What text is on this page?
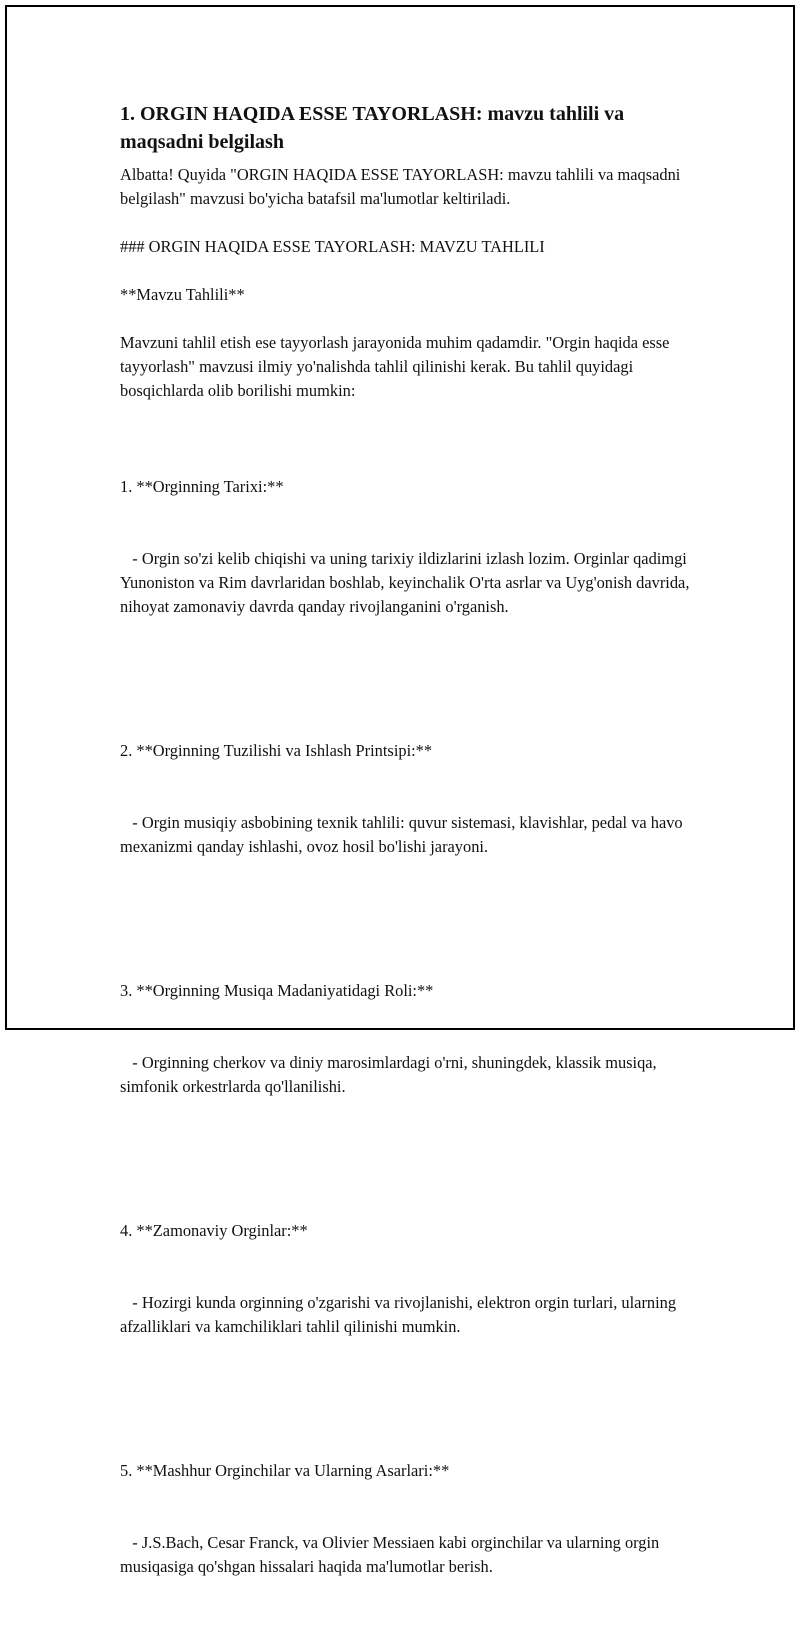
1. ORGIN HAQIDA ESSE TAYORLASH: mavzu tahlili va maqsadni belgilash
Albatta! Quyida "ORGIN HAQIDA ESSE TAYORLASH: mavzu tahlili va maqsadni belgilash" mavzusi bo'yicha batafsil ma'lumotlar keltiriladi.
### ORGIN HAQIDA ESSE TAYORLASH: MAVZU TAHLILI
**Mavzu Tahlili**
Mavzuni tahlil etish ese tayyorlash jarayonida muhim qadamdir. "Orgin haqida esse tayyorlash" mavzusi ilmiy yo'nalishda tahlil qilinishi kerak. Bu tahlil quyidagi bosqichlarda olib borilishi mumkin:

1. **Orginning Tarixi:**

- Orgin so'zi kelib chiqishi va uning tarixiy ildizlarini izlash lozim. Orginlar qadimgi Yunoniston va Rim davrlaridan boshlab, keyinchalik O'rta asrlar va Uyg'onish davrida, nihoyat zamonaviy davrda qanday rivojlanganini o'rganish.

2. **Orginning Tuzilishi va Ishlash Printsipi:**

- Orgin musiqiy asbobining texnik tahlili: quvur sistemasi, klavishlar, pedal va havo mexanizmi qanday ishlashi, ovoz hosil bo'lishi jarayoni.

3. **Orginning Musiqa Madaniyatidagi Roli:**

- Orginning cherkov va diniy marosimlardagi o'rni, shuningdek, klassik musiqa, simfonik orkestrlarda qo'llanilishi.

4. **Zamonaviy Orginlar:**

- Hozirgi kunda orginning o'zgarishi va rivojlanishi, elektron orgin turlari, ularning afzalliklari va kamchiliklari tahlil qilinishi mumkin.

5. **Mashhur Orginchilar va Ularning Asarlari:**

- J.S.Bach, Cesar Franck, va Olivier Messiaen kabi orginchilar va ularning orgin musiqasiga qo'shgan hissalari haqida ma'lumotlar berish.
